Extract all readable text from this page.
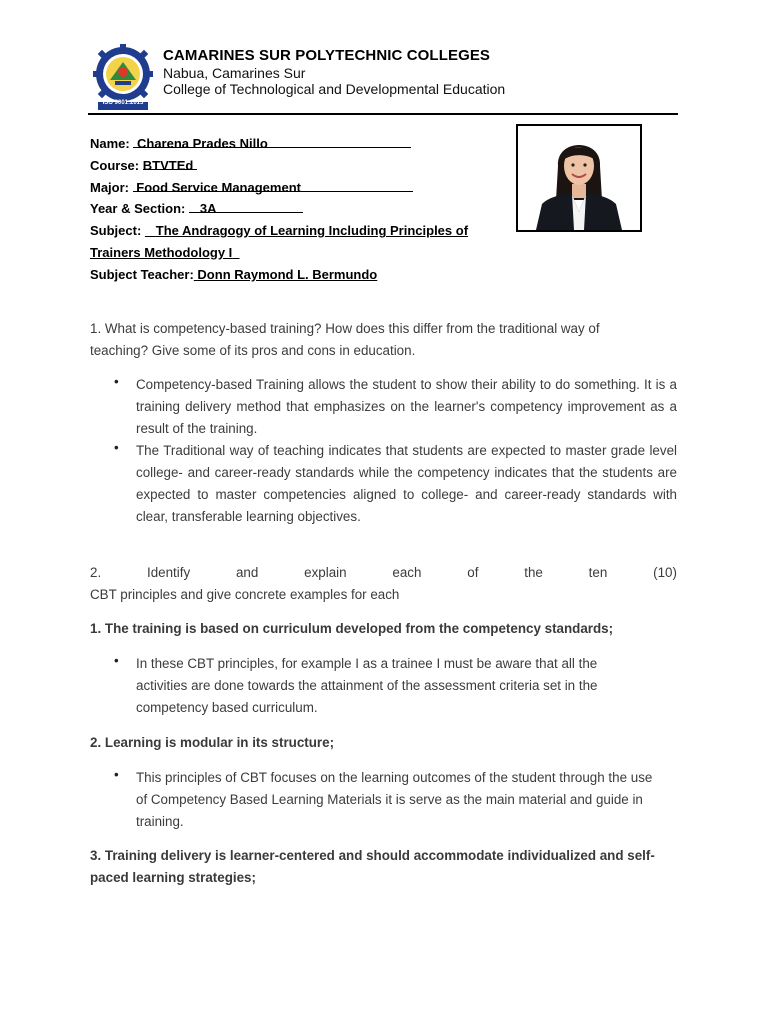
ISO 9001:2015
CAMARINES SUR POLYTECHNIC COLLEGES
Nabua, Camarines Sur
College of Technological and Developmental Education
Name: Charena Prades Nillo
Course: BTVTEd
Major: Food Service Management
Year & Section: 3A
Subject: The Andragogy of Learning Including Principles of
Trainers Methodology I
Subject Teacher: Donn Raymond L. Bermundo
1. What is competency-based training? How does this differ from the traditional way of
teaching? Give some of its pros and cons in education.
• Competency-based Training allows the student to show their ability to do something. It is a training delivery method that emphasizes on the learner's competency improvement as a result of the training.
• The Traditional way of teaching indicates that students are expected to master grade level college- and career-ready standards while the competency indicates that the students are expected to master competencies aligned to college- and career-ready standards with clear, transferable learning objectives.
2.	Identify	and	explain	each	of	the	ten	(10)
CBT principles and give concrete examples for each
1. The training is based on curriculum developed from the competency standards;
• In these CBT principles, for example I as a trainee I must be aware that all the activities are done towards the attainment of the assessment criteria set in the competency based curriculum.
2. Learning is modular in its structure;
• This principles of CBT focuses on the learning outcomes of the student through the use of Competency Based Learning Materials it is serve as the main material and guide in training.
3. Training delivery is learner-centered and should accommodate individualized and self-paced learning strategies;
